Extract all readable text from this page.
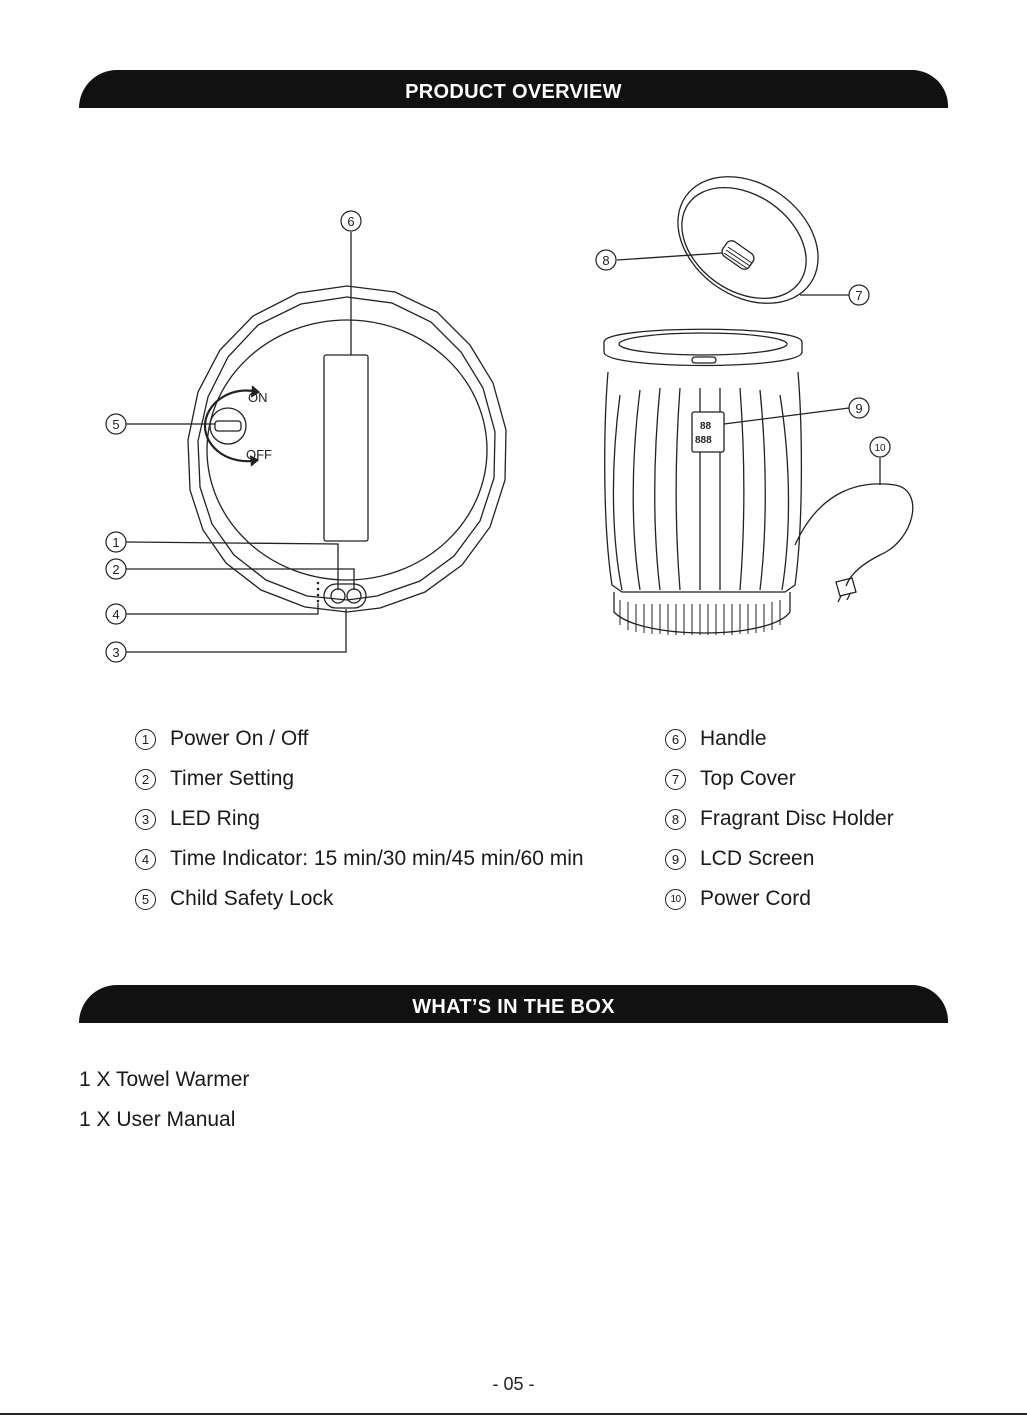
PRODUCT OVERVIEW
88
888
ON
OFF
6
5
1
2
4
3
8
7
9
10
1 Power On / Off
2 Timer Setting
3 LED Ring
4 Time Indicator: 15 min/30 min/45 min/60 min
5 Child Safety Lock
6 Handle
7 Top Cover
8 Fragrant Disc Holder
9 LCD Screen
10 Power Cord
WHAT’S IN THE BOX
1 X Towel Warmer
1 X User Manual
- 05 -
